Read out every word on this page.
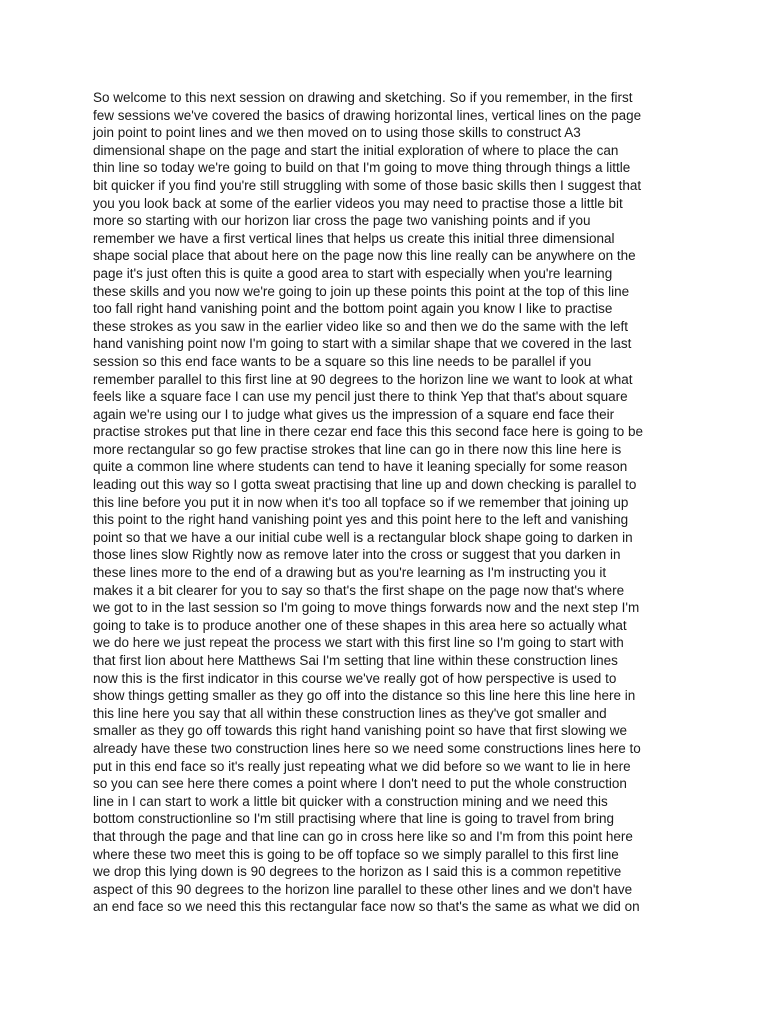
So welcome to this next session on drawing and sketching. So if you remember, in the first
few sessions we've covered the basics of drawing horizontal lines, vertical lines on the page
join point to point lines and we then moved on to using those skills to construct A3
dimensional shape on the page and start the initial exploration of where to place the can
thin line so today we're going to build on that I'm going to move thing through things a little
bit quicker if you find you're still struggling with some of those basic skills then I suggest that
you you look back at some of the earlier videos you may need to practise those a little bit
more so starting with our horizon liar cross the page two vanishing points and if you
remember we have a first vertical lines that helps us create this initial three dimensional
shape social place that about here on the page now this line really can be anywhere on the
page it's just often this is quite a good area to start with especially when you're learning
these skills and you now we're going to join up these points this point at the top of this line
too fall right hand vanishing point and the bottom point again you know I like to practise
these strokes as you saw in the earlier video like so and then we do the same with the left
hand vanishing point now I'm going to start with a similar shape that we covered in the last
session so this end face wants to be a square so this line needs to be parallel if you
remember parallel to this first line at 90 degrees to the horizon line we want to look at what
feels like a square face I can use my pencil just there to think Yep that that's about square
again we're using our I to judge what gives us the impression of a square end face their
practise strokes put that line in there cezar end face this this second face here is going to be
more rectangular so go few practise strokes that line can go in there now this line here is
quite a common line where students can tend to have it leaning specially for some reason
leading out this way so I gotta sweat practising that line up and down checking is parallel to
this line before you put it in now when it's too all topface so if we remember that joining up
this point to the right hand vanishing point yes and this point here to the left and vanishing
point so that we have a our initial cube well is a rectangular block shape going to darken in
those lines slow Rightly now as remove later into the cross or suggest that you darken in
these lines more to the end of a drawing but as you're learning as I'm instructing you it
makes it a bit clearer for you to say so that's the first shape on the page now that's where
we got to in the last session so I'm going to move things forwards now and the next step I'm
going to take is to produce another one of these shapes in this area here so actually what
we do here we just repeat the process we start with this first line so I'm going to start with
that first lion about here Matthews Sai I'm setting that line within these construction lines
now this is the first indicator in this course we've really got of how perspective is used to
show things getting smaller as they go off into the distance so this line here this line here in
this line here you say that all within these construction lines as they've got smaller and
smaller as they go off towards this right hand vanishing point so have that first slowing we
already have these two construction lines here so we need some constructions lines here to
put in this end face so it's really just repeating what we did before so we want to lie in here
so you can see here there comes a point where I don't need to put the whole construction
line in I can start to work a little bit quicker with a construction mining and we need this
bottom constructionline so I'm still practising where that line is going to travel from bring
that through the page and that line can go in cross here like so and I'm from this point here
where these two meet this is going to be off topface so we simply parallel to this first line
we drop this lying down is 90 degrees to the horizon as I said this is a common repetitive
aspect of this 90 degrees to the horizon line parallel to these other lines and we don't have
an end face so we need this this rectangular face now so that's the same as what we did on
